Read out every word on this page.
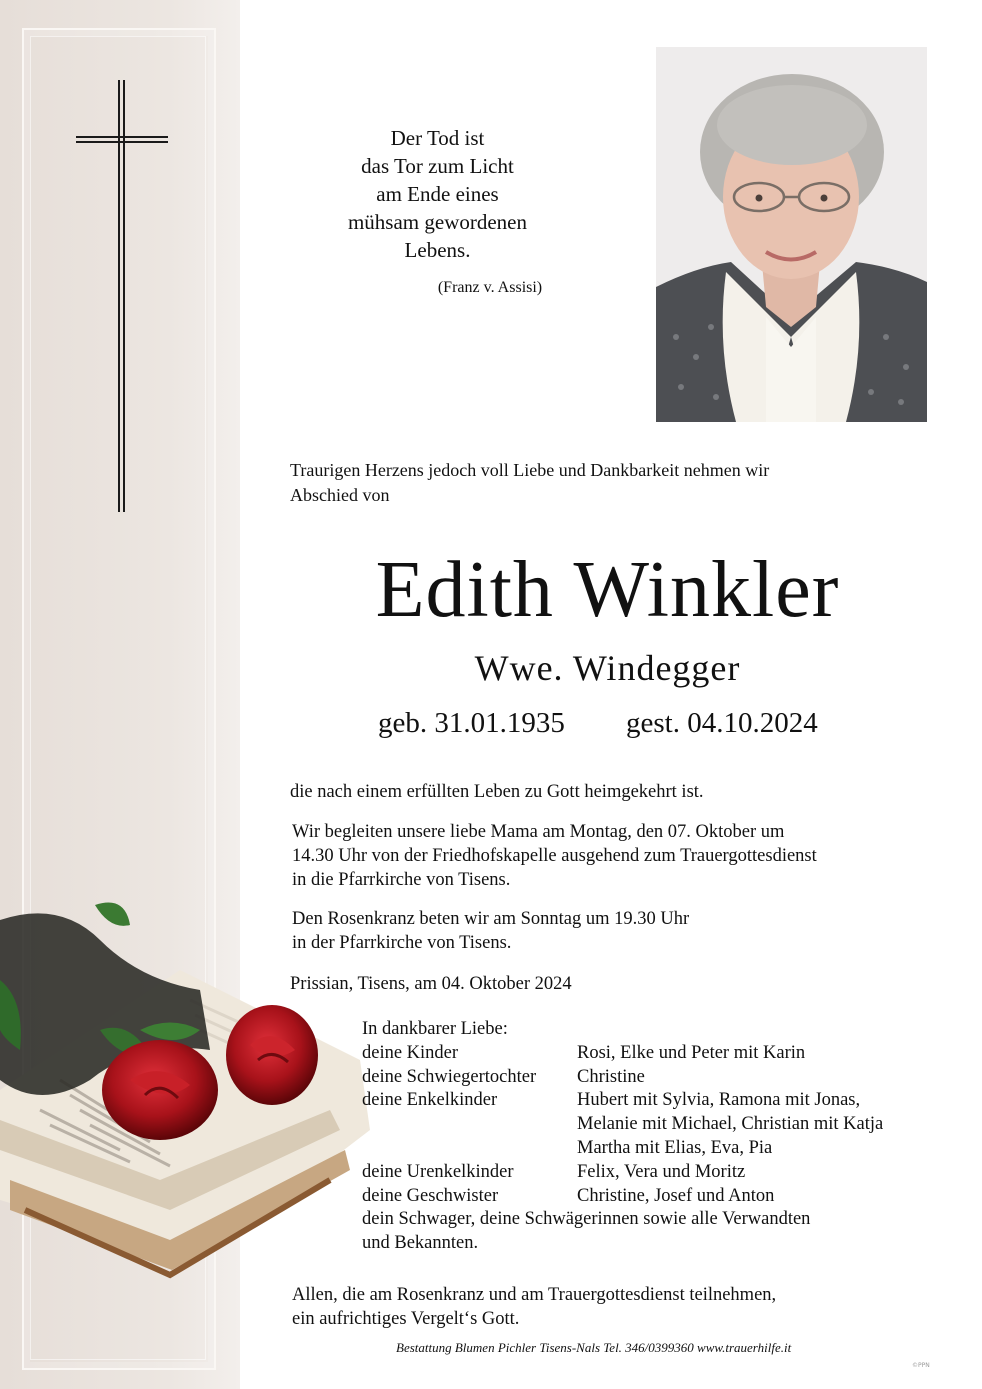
Der Tod ist
das Tor zum Licht
am Ende eines
mühsam gewordenen
Lebens.
(Franz v. Assisi)
Traurigen Herzens jedoch voll Liebe und Dankbarkeit nehmen wir
Abschied von
Edith Winkler
Wwe. Windegger
geb. 31.01.1935 gest. 04.10.2024
die nach einem erfüllten Leben zu Gott heimgekehrt ist.

Wir begleiten unsere liebe Mama am Montag, den 07. Oktober um

14.30 Uhr von der Friedhofskapelle ausgehend zum Trauergottesdienst

in die Pfarrkirche von Tisens.

Den Rosenkranz beten wir am Sonntag um 19.30 Uhr

in der Pfarrkirche von Tisens.

Prissian, Tisens, am 04. Oktober 2024
In dankbarer Liebe:
deine Kinder	Rosi, Elke und Peter mit Karin
deine Schwiegertochter Christine
deine Enkelkinder	Hubert mit Sylvia, Ramona mit Jonas,
Melanie mit Michael, Christian mit Katja
Martha mit Elias, Eva, Pia
deine Urenkelkinder	Felix, Vera und Moritz
deine Geschwister	Christine, Josef und Anton
dein Schwager, deine Schwägerinnen sowie alle Verwandten
und Bekannten.
Allen, die am Rosenkranz und am Trauergottesdienst teilnehmen,
ein aufrichtiges Vergelt‘s Gott.
Bestattung Blumen Pichler Tisens-Nals Tel. 346/0399360 www.trauerhilfe.it
©PPN
